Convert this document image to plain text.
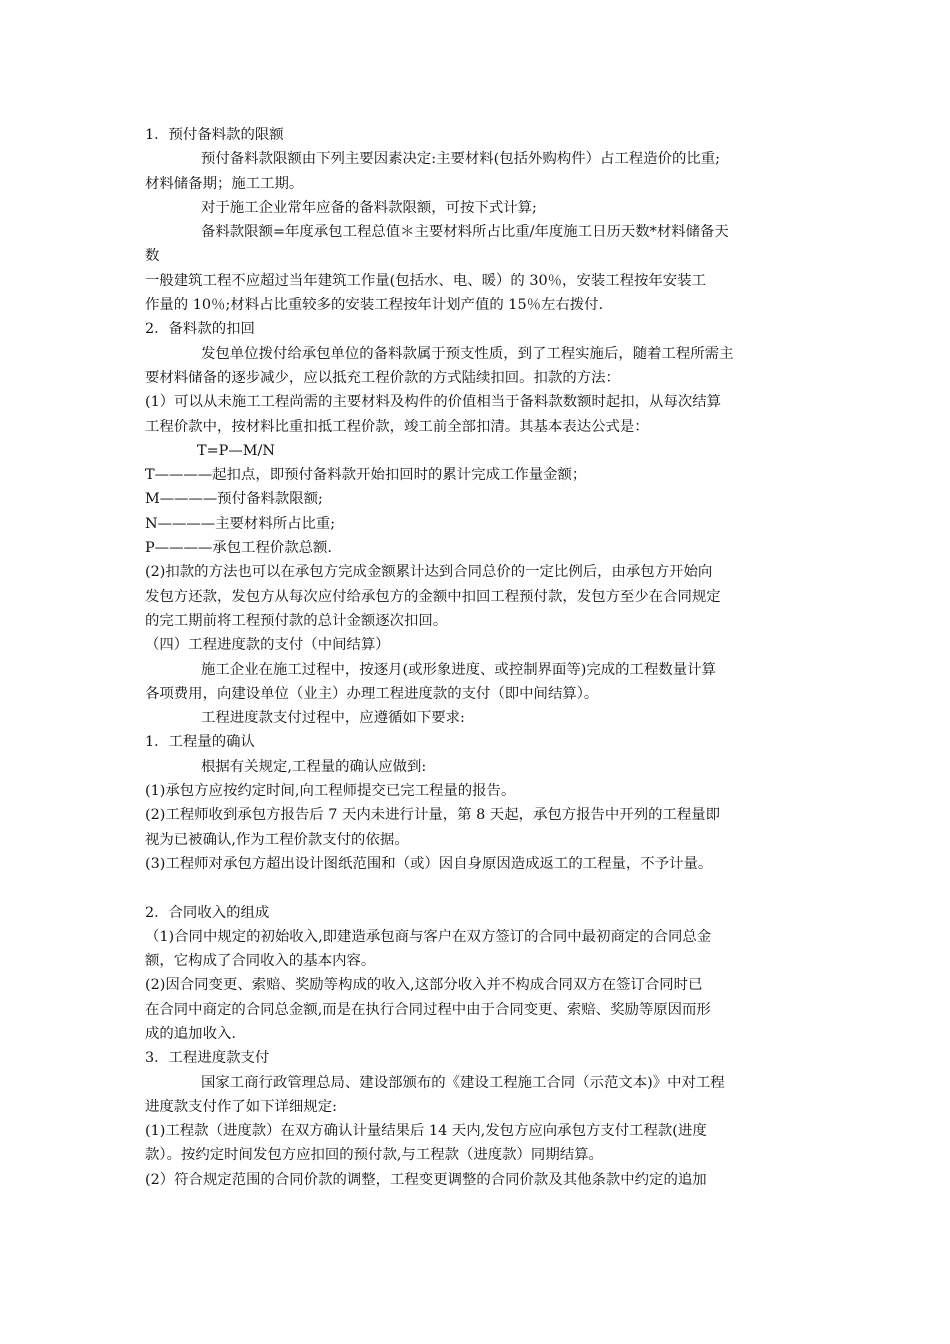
1．预付备料款的限额
预付备料款限额由下列主要因素决定:主要材料(包括外购构件）占工程造价的比重;
材料储备期；施工工期。
对于施工企业常年应备的备料款限额，可按下式计算;
备料款限额=年度承包工程总值＊主要材料所占比重/年度施工日历天数*材料储备天
数
一般建筑工程不应超过当年建筑工作量(包括水、电、暖）的 30％，安装工程按年安装工
作量的 10％;材料占比重较多的安装工程按年计划产值的 15％左右拨付.
2．备料款的扣回
发包单位拨付给承包单位的备料款属于预支性质，到了工程实施后，随着工程所需主
要材料储备的逐步减少，应以抵充工程价款的方式陆续扣回。扣款的方法：
(1）可以从未施工工程尚需的主要材料及构件的价值相当于备料款数额时起扣，从每次结算
工程价款中，按材料比重扣抵工程价款，竣工前全部扣清。其基本表达公式是：
T=P—M/N
T————起扣点，即预付备料款开始扣回时的累计完成工作量金额；
M————预付备料款限额;
N————主要材料所占比重;
P————承包工程价款总额.
(2)扣款的方法也可以在承包方完成金额累计达到合同总价的一定比例后，由承包方开始向
发包方还款，发包方从每次应付给承包方的金额中扣回工程预付款，发包方至少在合同规定
的完工期前将工程预付款的总计金额逐次扣回。
（四）工程进度款的支付（中间结算）
施工企业在施工过程中，按逐月(或形象进度、或控制界面等)完成的工程数量计算
各项费用，向建设单位（业主）办理工程进度款的支付（即中间结算）。
工程进度款支付过程中，应遵循如下要求:
1．工程量的确认
根据有关规定,工程量的确认应做到:
(1)承包方应按约定时间,向工程师提交已完工程量的报告。
(2)工程师收到承包方报告后 7 天内未进行计量，第 8 天起，承包方报告中开列的工程量即
视为已被确认,作为工程价款支付的依据。
(3)工程师对承包方超出设计图纸范围和（或）因自身原因造成返工的工程量，不予计量。
2．合同收入的组成
（1)合同中规定的初始收入,即建造承包商与客户在双方签订的合同中最初商定的合同总金
额，它构成了合同收入的基本内容。
(2)因合同变更、索赔、奖励等构成的收入,这部分收入并不构成合同双方在签订合同时已
在合同中商定的合同总金额,而是在执行合同过程中由于合同变更、索赔、奖励等原因而形
成的追加收入.
3．工程进度款支付
国家工商行政管理总局、建设部颁布的《建设工程施工合同（示范文本)》中对工程
进度款支付作了如下详细规定:
(1)工程款（进度款）在双方确认计量结果后 14 天内,发包方应向承包方支付工程款(进度
款）。按约定时间发包方应扣回的预付款,与工程款（进度款）同期结算。
(2）符合规定范围的合同价款的调整，工程变更调整的合同价款及其他条款中约定的追加
